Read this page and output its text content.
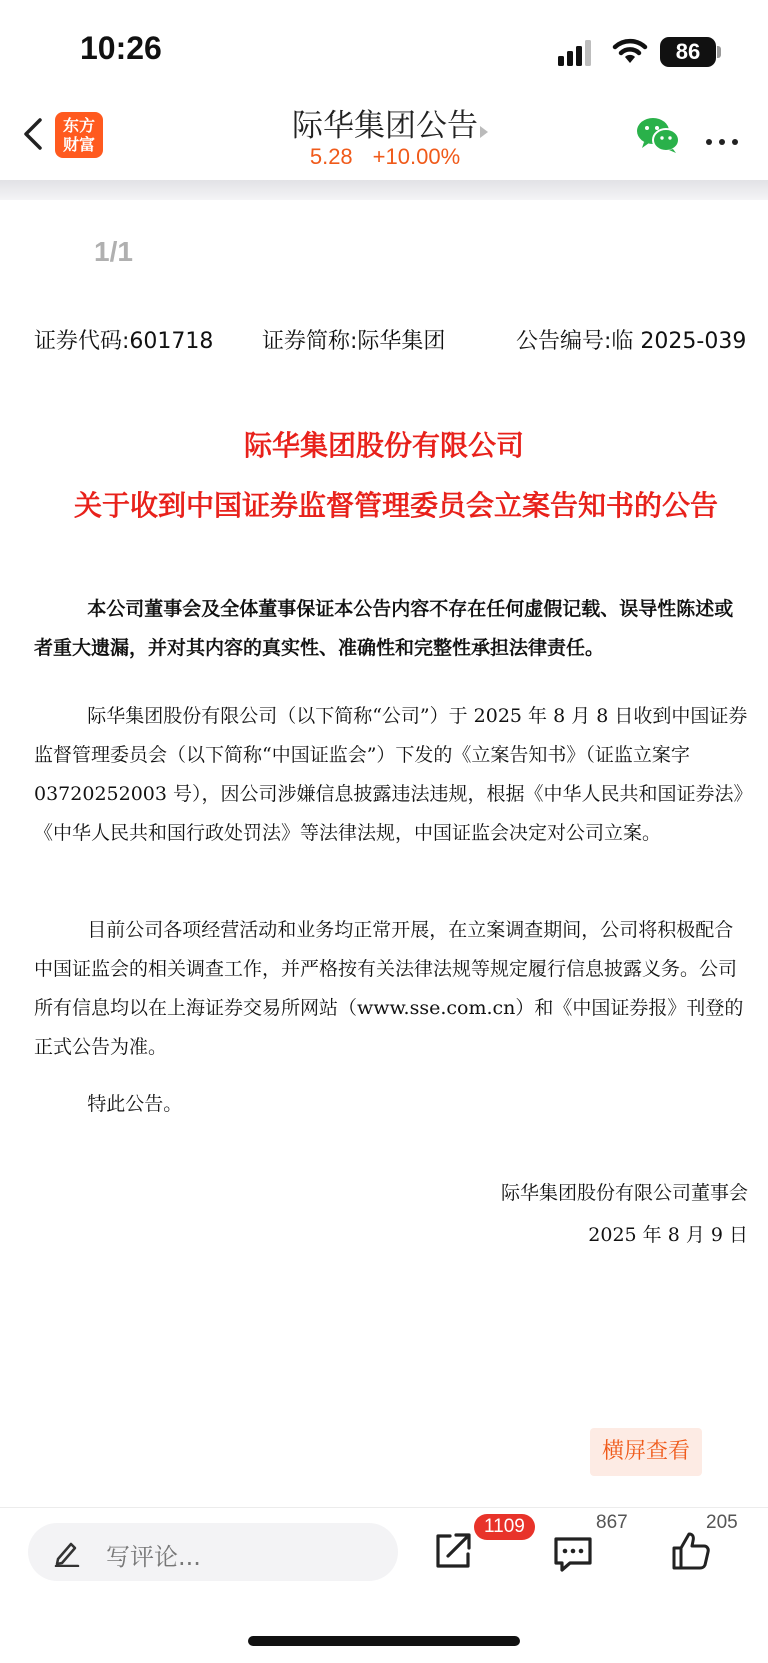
10:26	86
东方
财富
际华集团公告
5.28 +10.00%
1/1
证券代码:601718 证券简称:际华集团	公告编号:临 2025-039
际华集团股份有限公司
关于收到中国证券监督管理委员会立案告知书的公告
本公司董事会及全体董事保证本公告内容不存在任何虚假记载、误导性陈述或者重大遗漏，并对其内容的真实性、准确性和完整性承担法律责任。
际华集团股份有限公司（以下简称“公司”）于 2025 年 8 月 8 日收到中国证券监督管理委员会（以下简称“中国证监会”）下发的《立案告知书》（证监立案字 03720252003 号），因公司涉嫌信息披露违法违规，根据《中华人民共和国证券法》《中华人民共和国行政处罚法》等法律法规，中国证监会决定对公司立案。
目前公司各项经营活动和业务均正常开展，在立案调查期间，公司将积极配合中国证监会的相关调查工作，并严格按有关法律法规等规定履行信息披露义务。公司所有信息均以在上海证券交易所网站（www.sse.com.cn）和《中国证券报》刊登的正式公告为准。
特此公告。
际华集团股份有限公司董事会
2025 年 8 月 9 日
横屏查看
写评论...
1109	867	205
